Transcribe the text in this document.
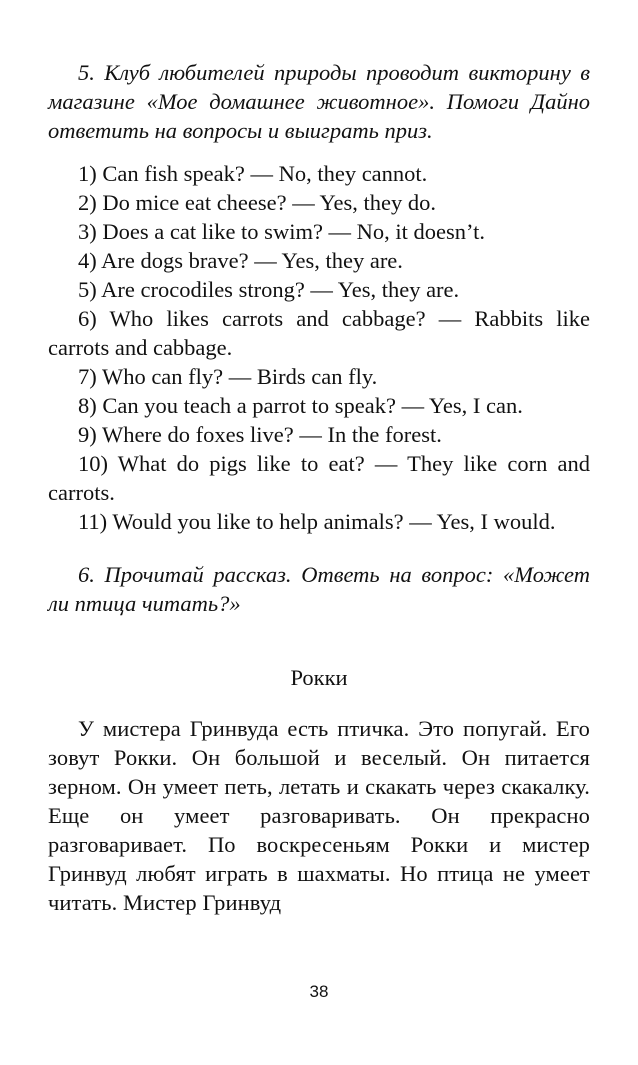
5. Клуб любителей природы проводит викторину в магазине «Мое домашнее животное». Помоги Дайно ответить на вопросы и выиграть приз.

1) Can fish speak? — No, they cannot.

2) Do mice eat cheese? — Yes, they do.

3) Does a cat like to swim? — No, it doesn’t.

4) Are dogs brave? — Yes, they are.

5) Are crocodiles strong? — Yes, they are.

6) Who likes carrots and cabbage? — Rabbits like carrots and cabbage.

7) Who can fly? — Birds can fly.

8) Can you teach a parrot to speak? — Yes, I can.

9) Where do foxes live? — In the forest.

10) What do pigs like to eat? — They like corn and carrots.

11) Would you like to help animals? — Yes, I would.

6. Прочитай рассказ. Ответь на вопрос: «Может ли птица читать?»

Рокки

У мистера Гринвуда есть птичка. Это попугай. Его зовут Рокки. Он большой и веселый. Он питается зерном. Он умеет петь, летать и скакать через скакалку. Еще он умеет разговаривать. Он прекрасно разговаривает. По воскресеньям Рокки и мистер Гринвуд любят играть в шахматы. Но птица не умеет читать. Мистер Гринвуд

38
